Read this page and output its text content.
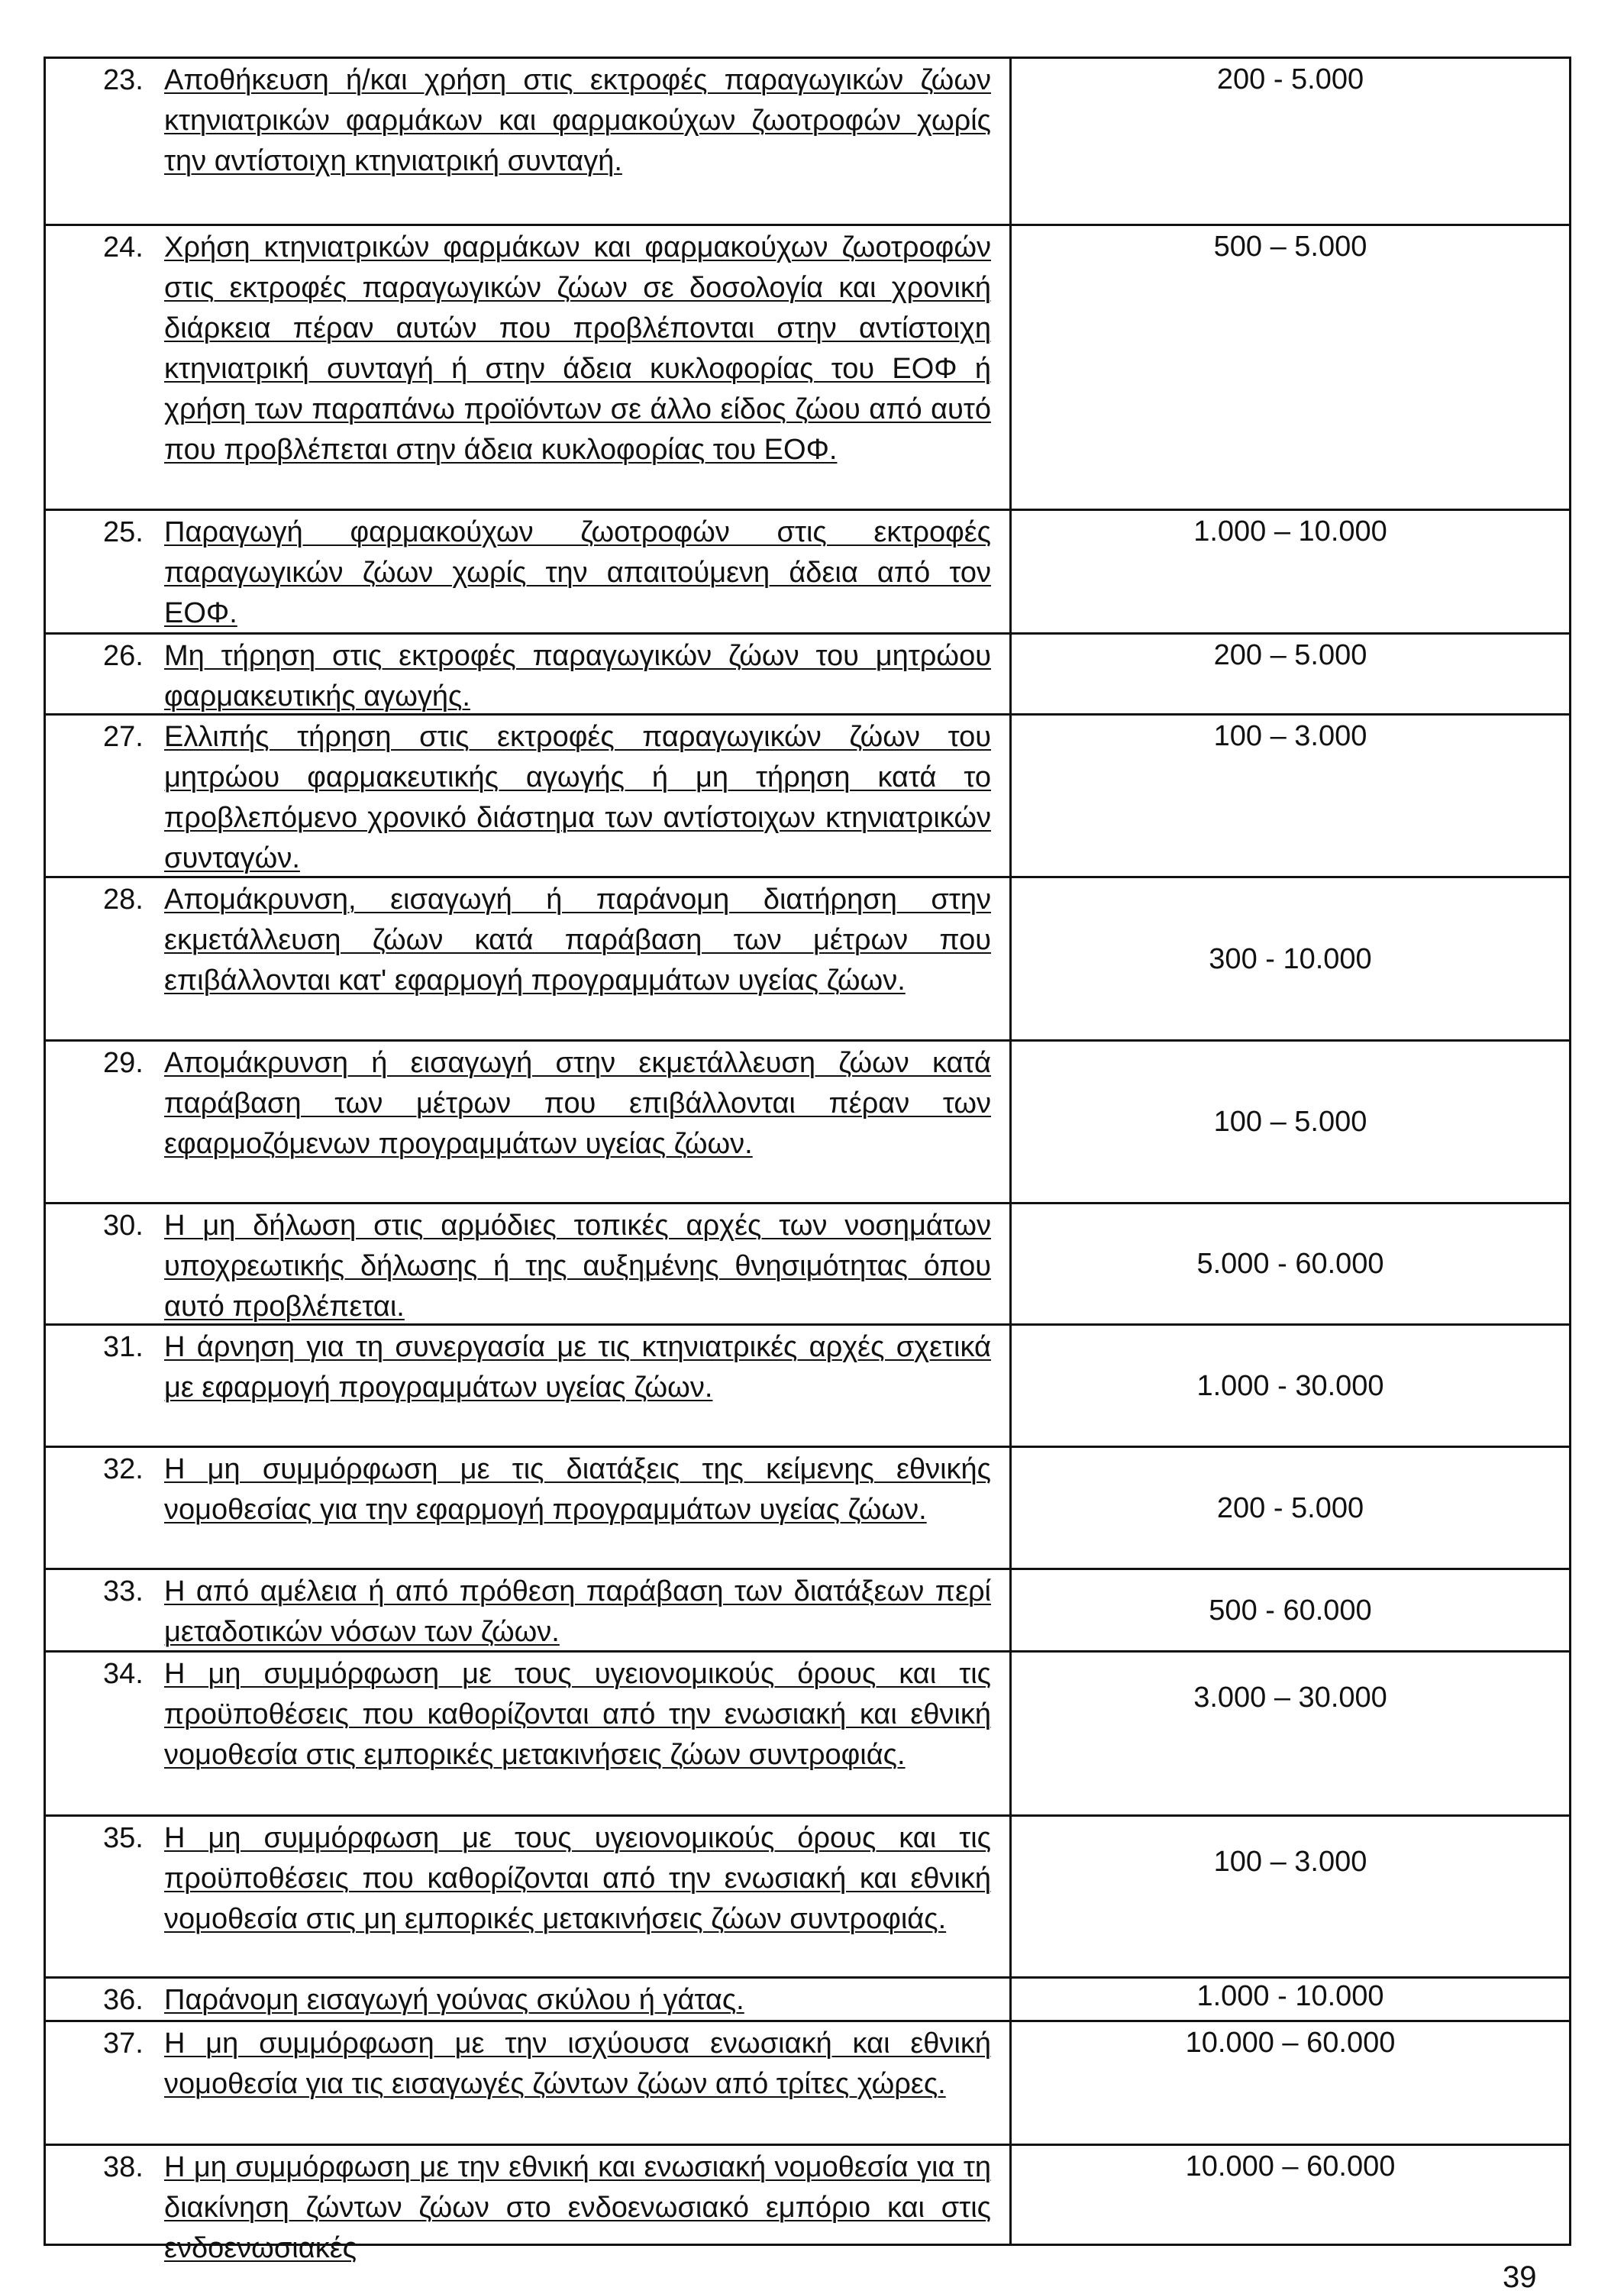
23. Αποθήκευση ή/και χρήση στις εκτροφές παραγωγικών ζώων κτηνιατρικών φαρμάκων και φαρμακούχων ζωοτροφών χωρίς την αντίστοιχη κτηνιατρική συνταγή.
200 - 5.000
24. Χρήση κτηνιατρικών φαρμάκων και φαρμακούχων ζωοτροφών στις εκτροφές παραγωγικών ζώων σε δοσολογία και χρονική διάρκεια πέραν αυτών που προβλέπονται στην αντίστοιχη κτηνιατρική συνταγή ή στην άδεια κυκλοφορίας του ΕΟΦ ή χρήση των παραπάνω προϊόντων σε άλλο είδος ζώου από αυτό που προβλέπεται στην άδεια κυκλοφορίας του ΕΟΦ.
500 – 5.000
25. Παραγωγή φαρμακούχων ζωοτροφών στις εκτροφές παραγωγικών ζώων χωρίς την απαιτούμενη άδεια από τον ΕΟΦ.
1.000 – 10.000
26. Μη τήρηση στις εκτροφές παραγωγικών ζώων του μητρώου φαρμακευτικής αγωγής.
200 – 5.000
27. Ελλιπής τήρηση στις εκτροφές παραγωγικών ζώων του μητρώου φαρμακευτικής αγωγής ή μη τήρηση κατά το προβλεπόμενο χρονικό διάστημα των αντίστοιχων κτηνιατρικών συνταγών.
100 – 3.000
28. Απομάκρυνση, εισαγωγή ή παράνομη διατήρηση στην εκμετάλλευση ζώων κατά παράβαση των μέτρων που επιβάλλονται κατ' εφαρμογή προγραμμάτων υγείας ζώων.
300 - 10.000
29. Απομάκρυνση ή εισαγωγή στην εκμετάλλευση ζώων κατά παράβαση των μέτρων που επιβάλλονται πέραν των εφαρμοζόμενων προγραμμάτων υγείας ζώων.
100 – 5.000
30. Η μη δήλωση στις αρμόδιες τοπικές αρχές των νοσημάτων υποχρεωτικής δήλωσης ή της αυξημένης θνησιμότητας όπου αυτό προβλέπεται.
5.000 - 60.000
31. Η άρνηση για τη συνεργασία με τις κτηνιατρικές αρχές σχετικά με εφαρμογή προγραμμάτων υγείας ζώων.	1.000 - 30.000
32. Η μη συμμόρφωση με τις διατάξεις της κείμενης εθνικής νομοθεσίας για την εφαρμογή προγραμμάτων υγείας ζώων.	200 - 5.000
33. Η από αμέλεια ή από πρόθεση παράβαση των διατάξεων περί μεταδοτικών νόσων των ζώων.
500 - 60.000
34. Η μη συμμόρφωση με τους υγειονομικούς όρους και τις προϋποθέσεις που καθορίζονται από την ενωσιακή και εθνική νομοθεσία στις εμπορικές μετακινήσεις ζώων συντροφιάς.
3.000 – 30.000
35. Η μη συμμόρφωση με τους υγειονομικούς όρους και τις προϋποθέσεις που καθορίζονται από την ενωσιακή και εθνική νομοθεσία στις μη εμπορικές μετακινήσεις ζώων συντροφιάς.
100 – 3.000
36. Παράνομη εισαγωγή γούνας σκύλου ή γάτας.	1.000 - 10.000
37. Η μη συμμόρφωση με την ισχύουσα ενωσιακή και εθνική νομοθεσία για τις εισαγωγές ζώντων ζώων από τρίτες χώρες.
10.000 – 60.000
38. Η μη συμμόρφωση με την εθνική και ενωσιακή νομοθεσία για τη διακίνηση ζώντων ζώων στο ενδοενωσιακό εμπόριο και στις ενδοενωσιακές
10.000 – 60.000
39
